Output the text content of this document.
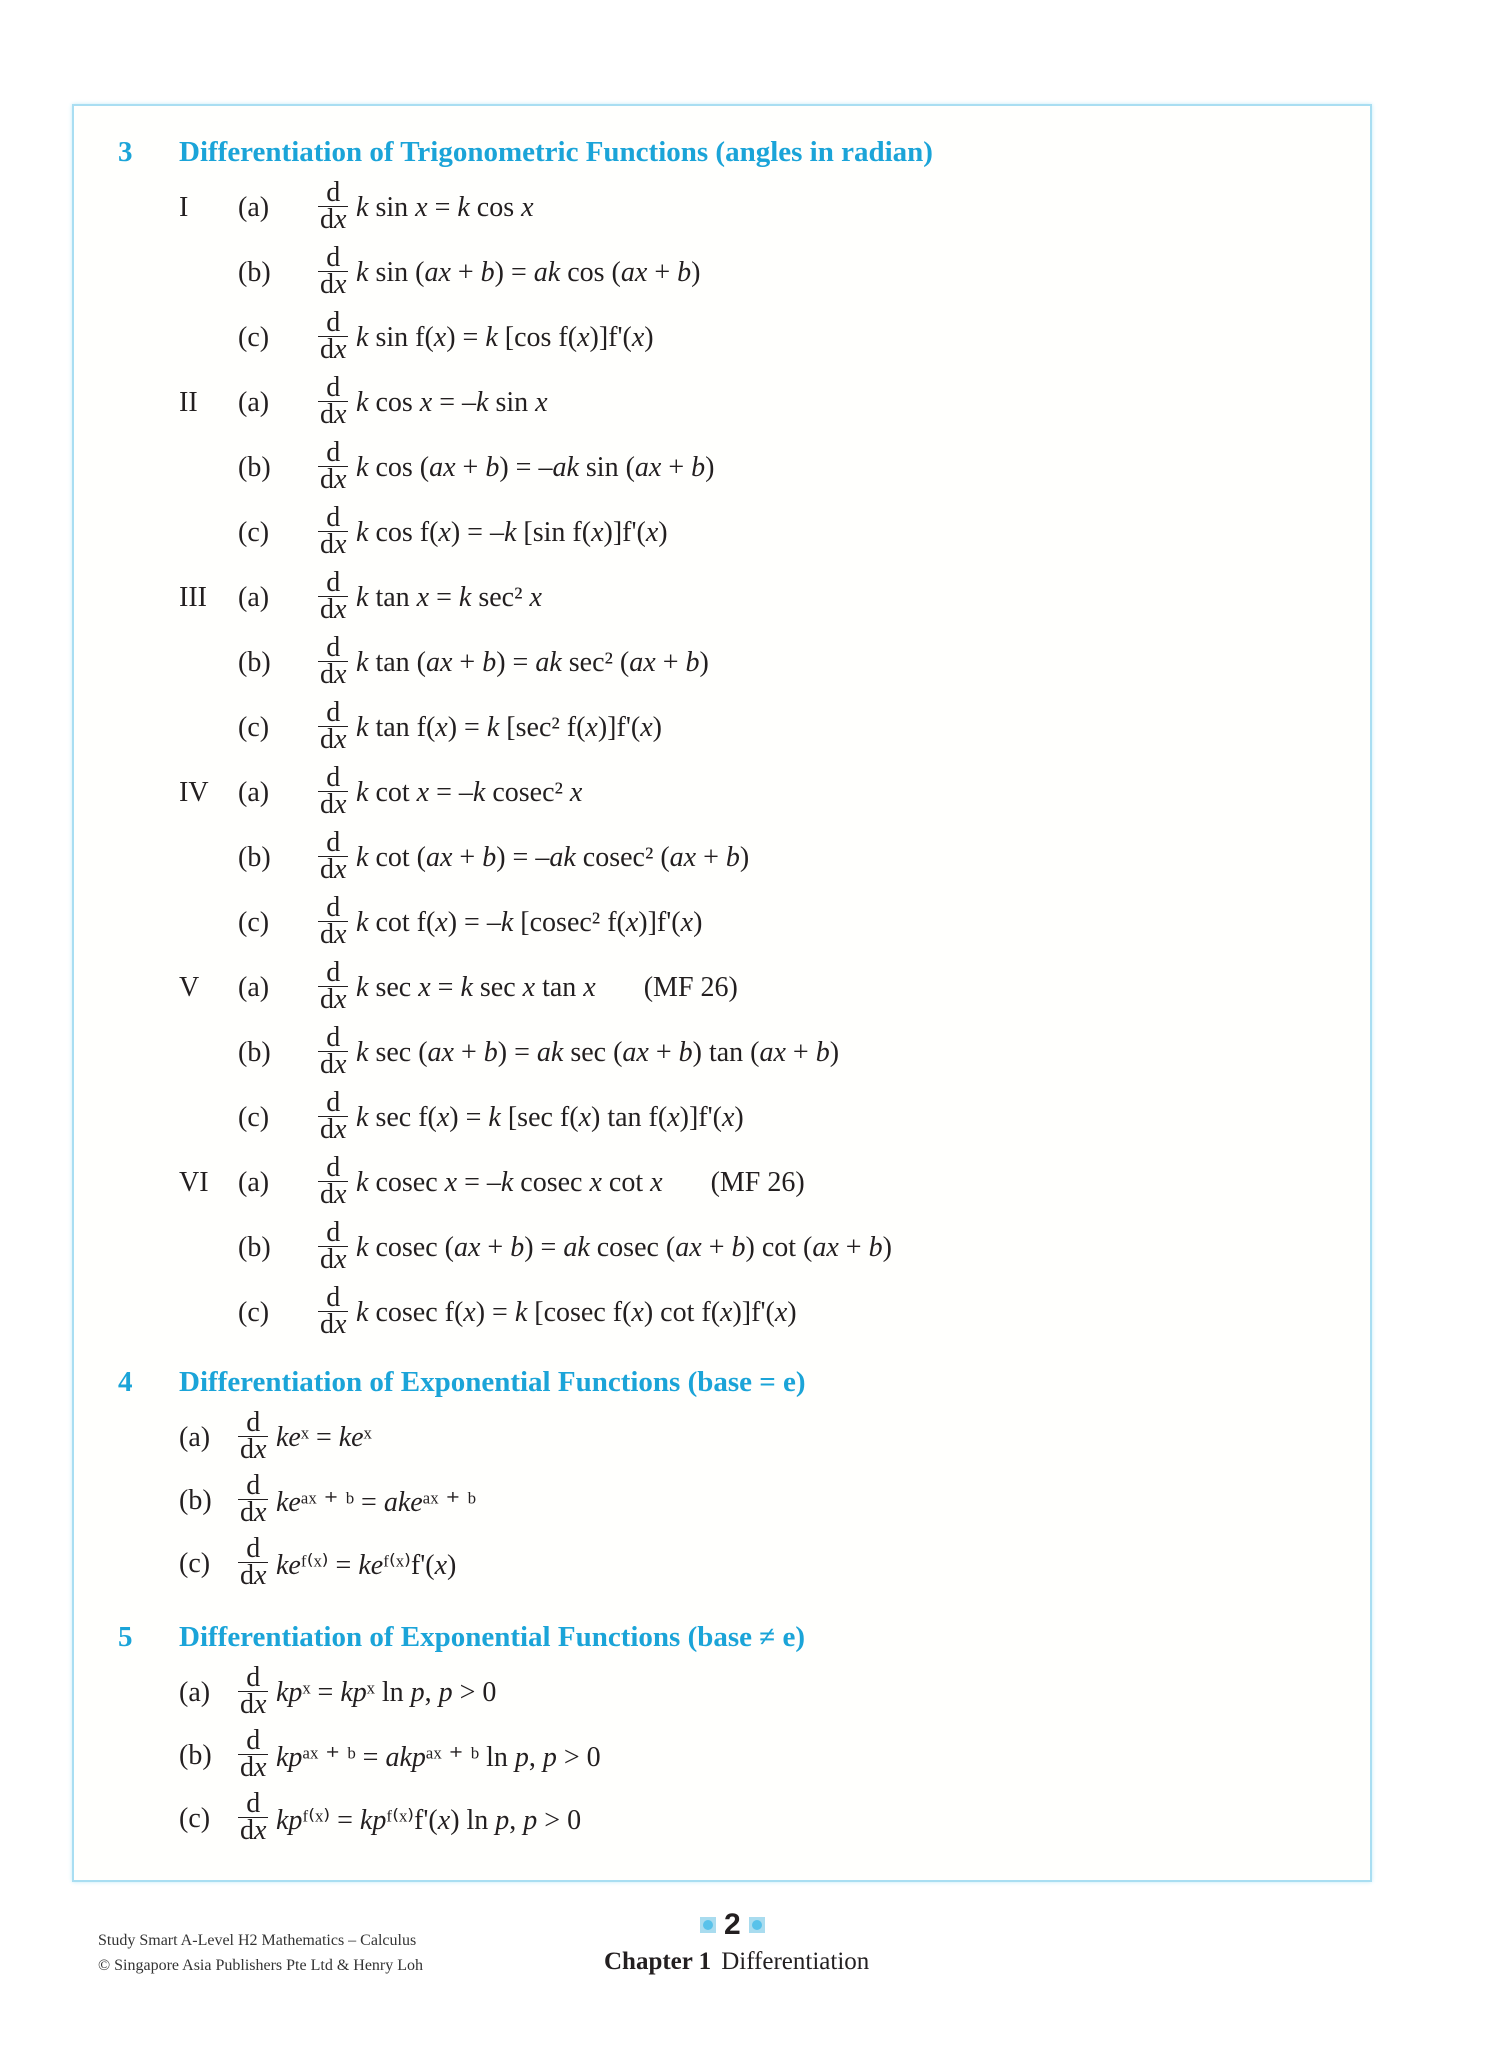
3 Differentiation of Trigonometric Functions (angles in radian)
I $(a) \frac{d}{dx}$ k sin x = k cos x
$(b) \frac{d}{dx}$ k sin (ax + b) = ak cos (ax + b)
$(c) \frac{d}{dx}$ k sin f(x) = k [cos f(x)]f'(x)
II $(a) \frac{d}{dx}$ k cos x = –k sin x
$(b) \frac{d}{dx}$ k cos (ax + b) = –ak sin (ax + b)
$(c) \frac{d}{dx}$ k cos f(x) = –k [sin f(x)]f'(x)
III $(a) \frac{d}{dx}$ k tan x = k sec² x
$(b) \frac{d}{dx}$ k tan (ax + b) = ak sec² (ax + b)
$(c) \frac{d}{dx}$ k tan f(x) = k [sec² f(x)]f'(x)
IV $(a) \frac{d}{dx}$ k cot x = –k cosec² x
$(b) \frac{d}{dx}$ k cot (ax + b) = –ak cosec² (ax + b)
$(c) \frac{d}{dx}$ k cot f(x) = –k [cosec² f(x)]f'(x)
V $(a) \frac{d}{dx}$ k sec x = k sec x tan x (MF 26)
$(b) \frac{d}{dx}$ k sec (ax + b) = ak sec (ax + b) tan (ax + b)
$(c) \frac{d}{dx}$ k sec f(x) = k [sec f(x) tan f(x)]f'(x)
VI $(a) \frac{d}{dx}$ k cosec x = –k cosec x cot x (MF 26)
$(b) \frac{d}{dx}$ k cosec (ax + b) = ak cosec (ax + b) cot (ax + b)
$(c) \frac{d}{dx}$ k cosec f(x) = k [cosec f(x) cot f(x)]f'(x)
4 Differentiation of Exponential Functions (base = e)
$(a) \frac{d}{dx}$ keˣ = keˣ
$(b) \frac{d}{dx}$ keᵃˣ ⁺ ᵇ = akeᵃˣ ⁺ ᵇ
$(c) \frac{d}{dx}$ keᶠ⁽ˣ⁾ = keᶠ⁽ˣ⁾f'(x)
5 Differentiation of Exponential Functions (base ≠ e)
$(a) \frac{d}{dx}$ kpˣ = kpˣ ln p, p > 0
$(b) \frac{d}{dx}$ kpᵃˣ ⁺ ᵇ = akpᵃˣ ⁺ ᵇ ln p, p > 0
$(c) \frac{d}{dx}$ kpᶠ⁽ˣ⁾ = kpᶠ⁽ˣ⁾f'(x) ln p, p > 0
Study Smart A-Level H2 Mathematics – Calculus
© Singapore Asia Publishers Pte Ltd & Henry Loh
2
Chapter 1 Differentiation
